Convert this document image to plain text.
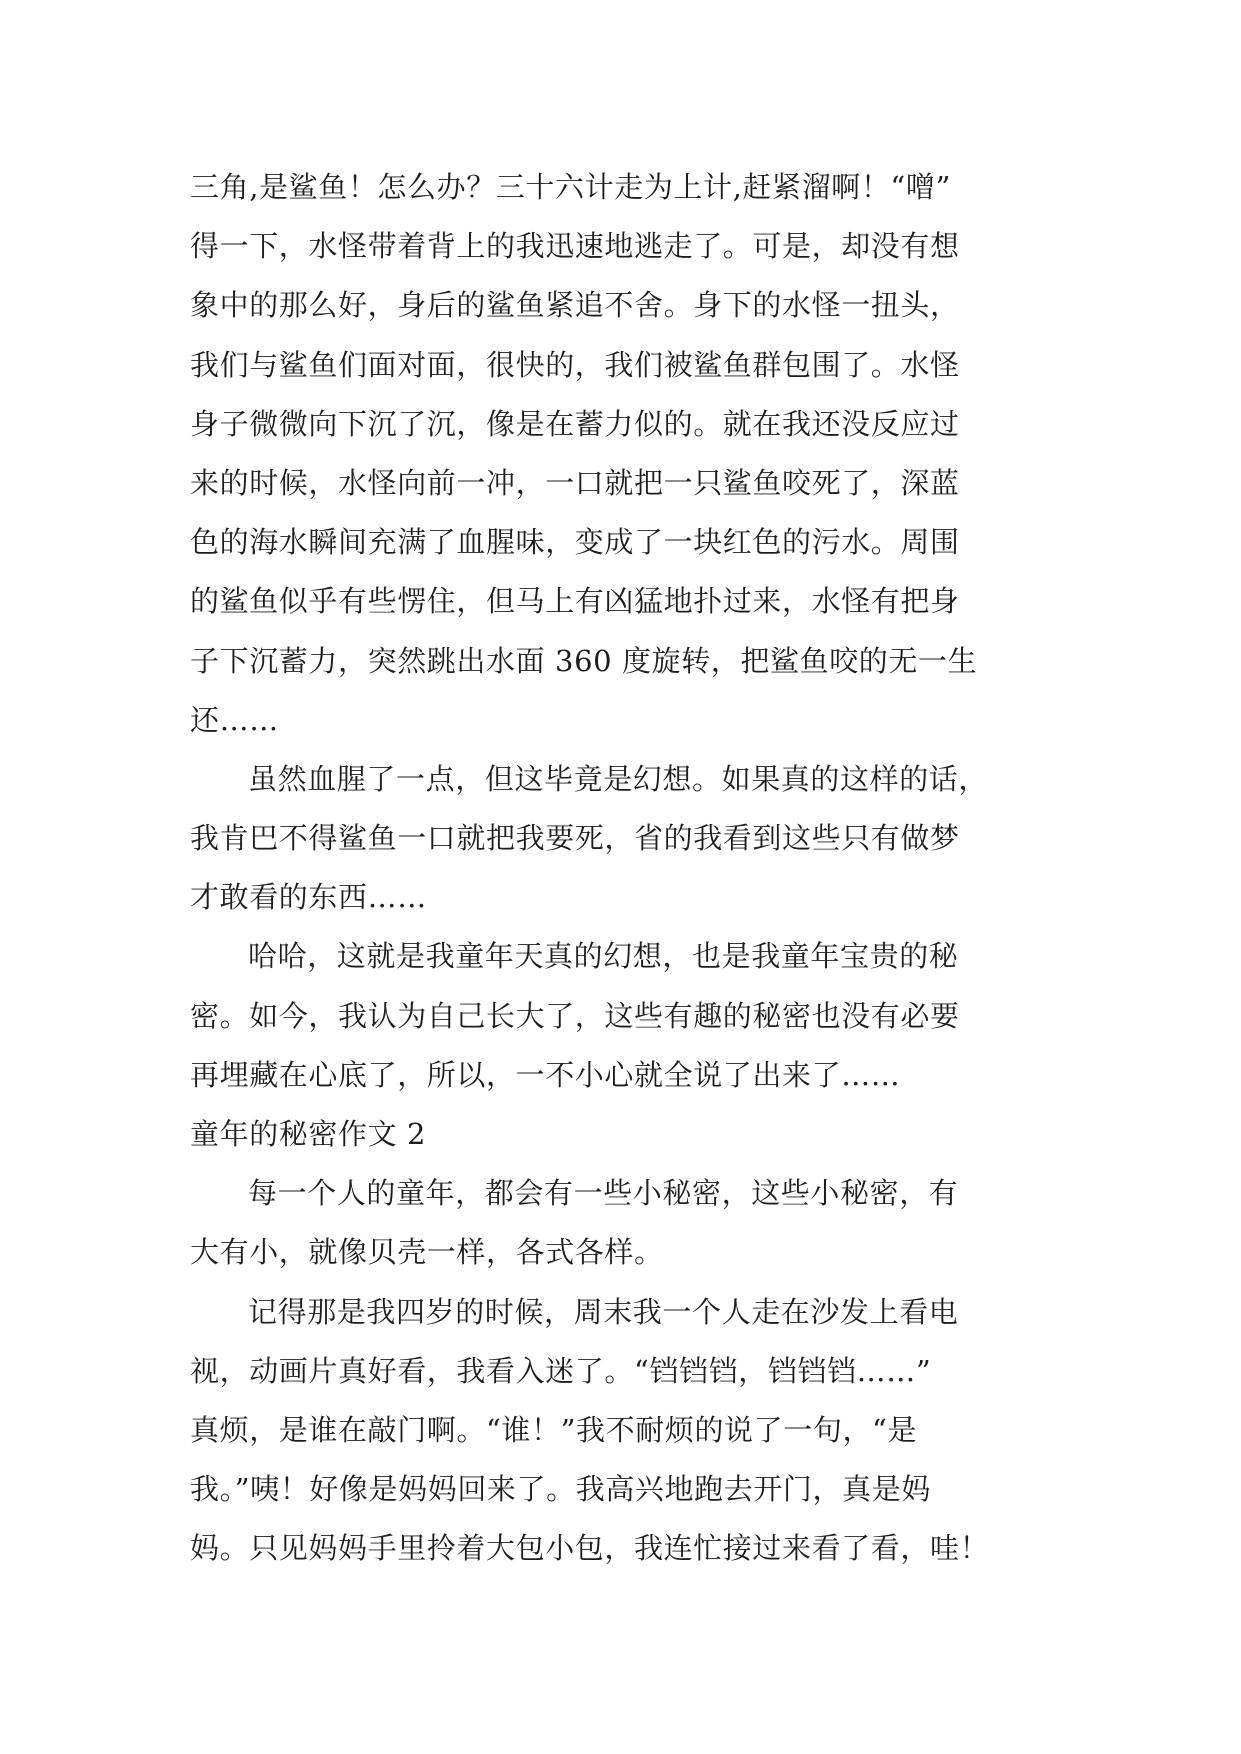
三角,是鲨鱼！怎么办？三十六计走为上计,赶紧溜啊！“噌”
得一下，水怪带着背上的我迅速地逃走了。可是，却没有想
象中的那么好，身后的鲨鱼紧追不舍。身下的水怪一扭头，
我们与鲨鱼们面对面，很快的，我们被鲨鱼群包围了。水怪
身子微微向下沉了沉，像是在蓄力似的。就在我还没反应过
来的时候，水怪向前一冲，一口就把一只鲨鱼咬死了，深蓝
色的海水瞬间充满了血腥味，变成了一块红色的污水。周围
的鲨鱼似乎有些愣住，但马上有凶猛地扑过来，水怪有把身
子下沉蓄力，突然跳出水面 360 度旋转，把鲨鱼咬的无一生
还……
虽然血腥了一点，但这毕竟是幻想。如果真的这样的话，
我肯巴不得鲨鱼一口就把我要死，省的我看到这些只有做梦
才敢看的东西……
哈哈，这就是我童年天真的幻想，也是我童年宝贵的秘
密。如今，我认为自己长大了，这些有趣的秘密也没有必要
再埋藏在心底了，所以，一不小心就全说了出来了……
童年的秘密作文 2
每一个人的童年，都会有一些小秘密，这些小秘密，有
大有小，就像贝壳一样，各式各样。
记得那是我四岁的时候，周末我一个人走在沙发上看电
视，动画片真好看，我看入迷了。“铛铛铛，铛铛铛……”
真烦，是谁在敲门啊。“谁！”我不耐烦的说了一句，“是
我。”咦！好像是妈妈回来了。我高兴地跑去开门，真是妈
妈。只见妈妈手里拎着大包小包，我连忙接过来看了看，哇！
